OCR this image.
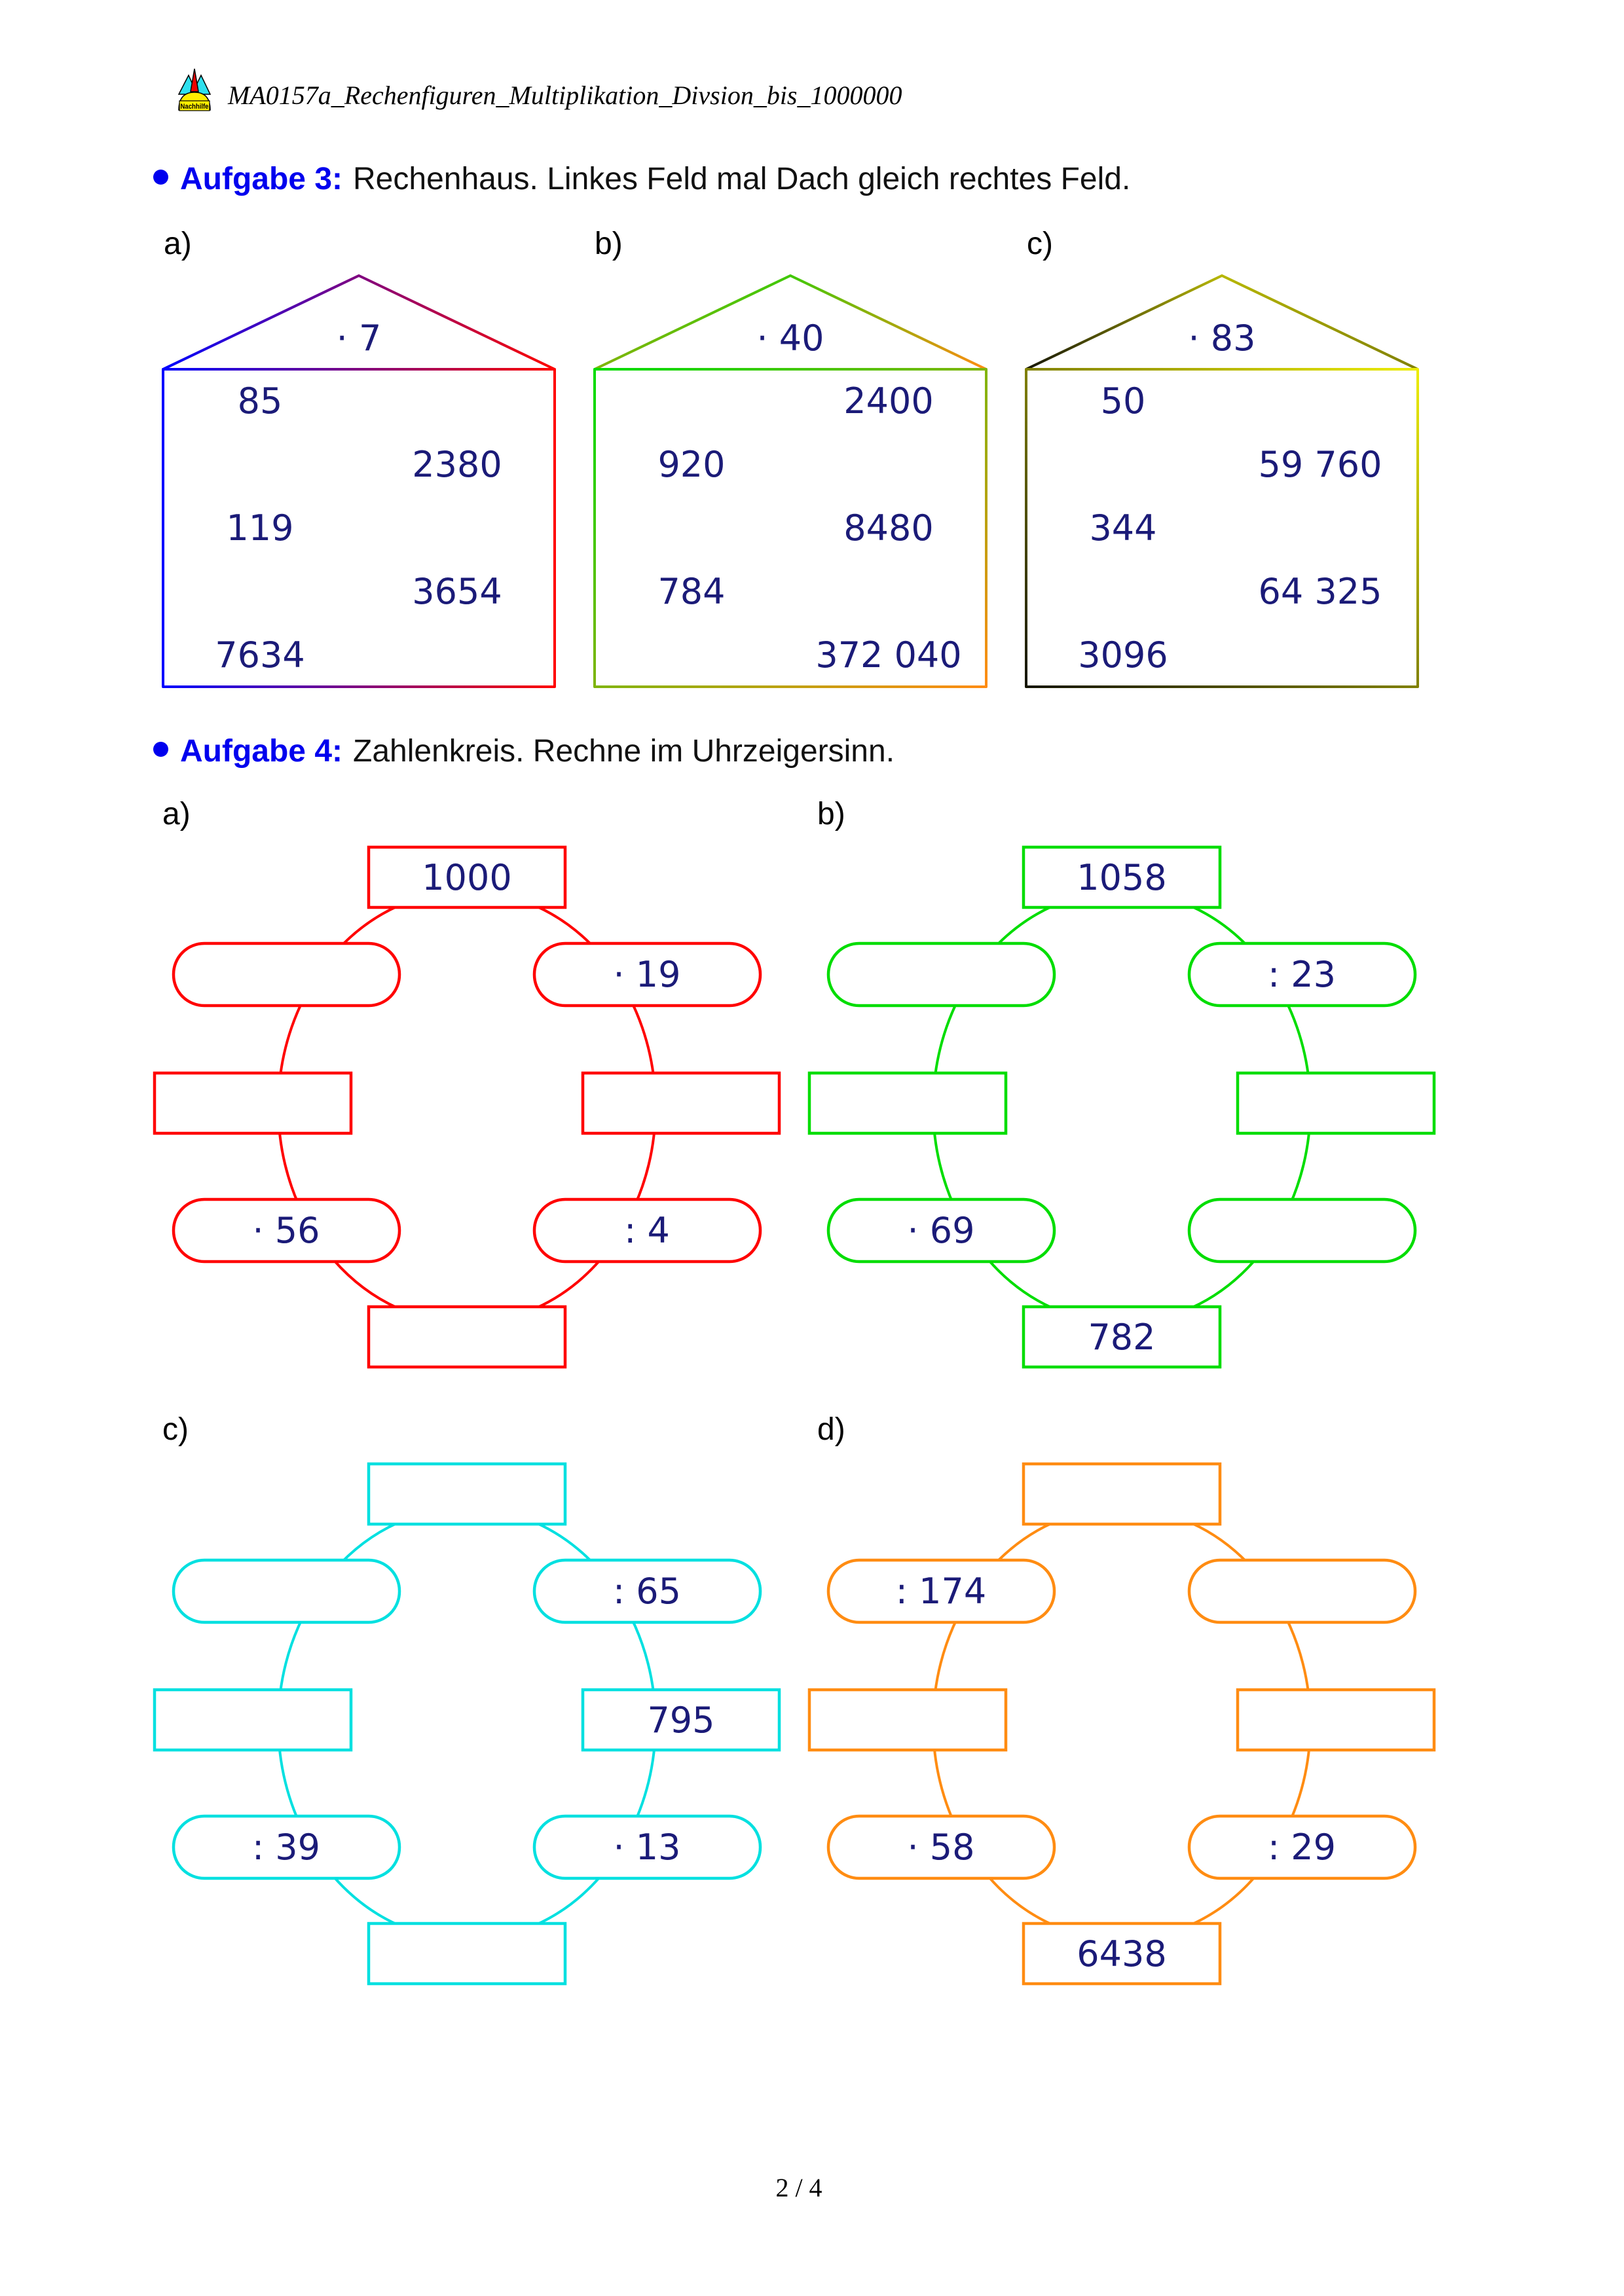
Nachhilfe MA0157a_Rechenfiguren_Multiplikation_Divsion_bis_1000000
Aufgabe 3: Rechenhaus. Linkes Feld mal Dach gleich rechtes Feld.
a)	b)	c)
· 7
85
2380
119
3654
7634
· 40
2400
920
8480
784
372 040
· 83
50
59 760
344
64 325
3096
Aufgabe 4: Zahlenkreis. Rechne im Uhrzeigersinn.
a)	b)
c)	d)
1000
· 19
: 4
· 56
1058
: 23
782
· 69
: 65
795
· 13
: 39	: 29
6438
· 58
: 174
2 / 4
